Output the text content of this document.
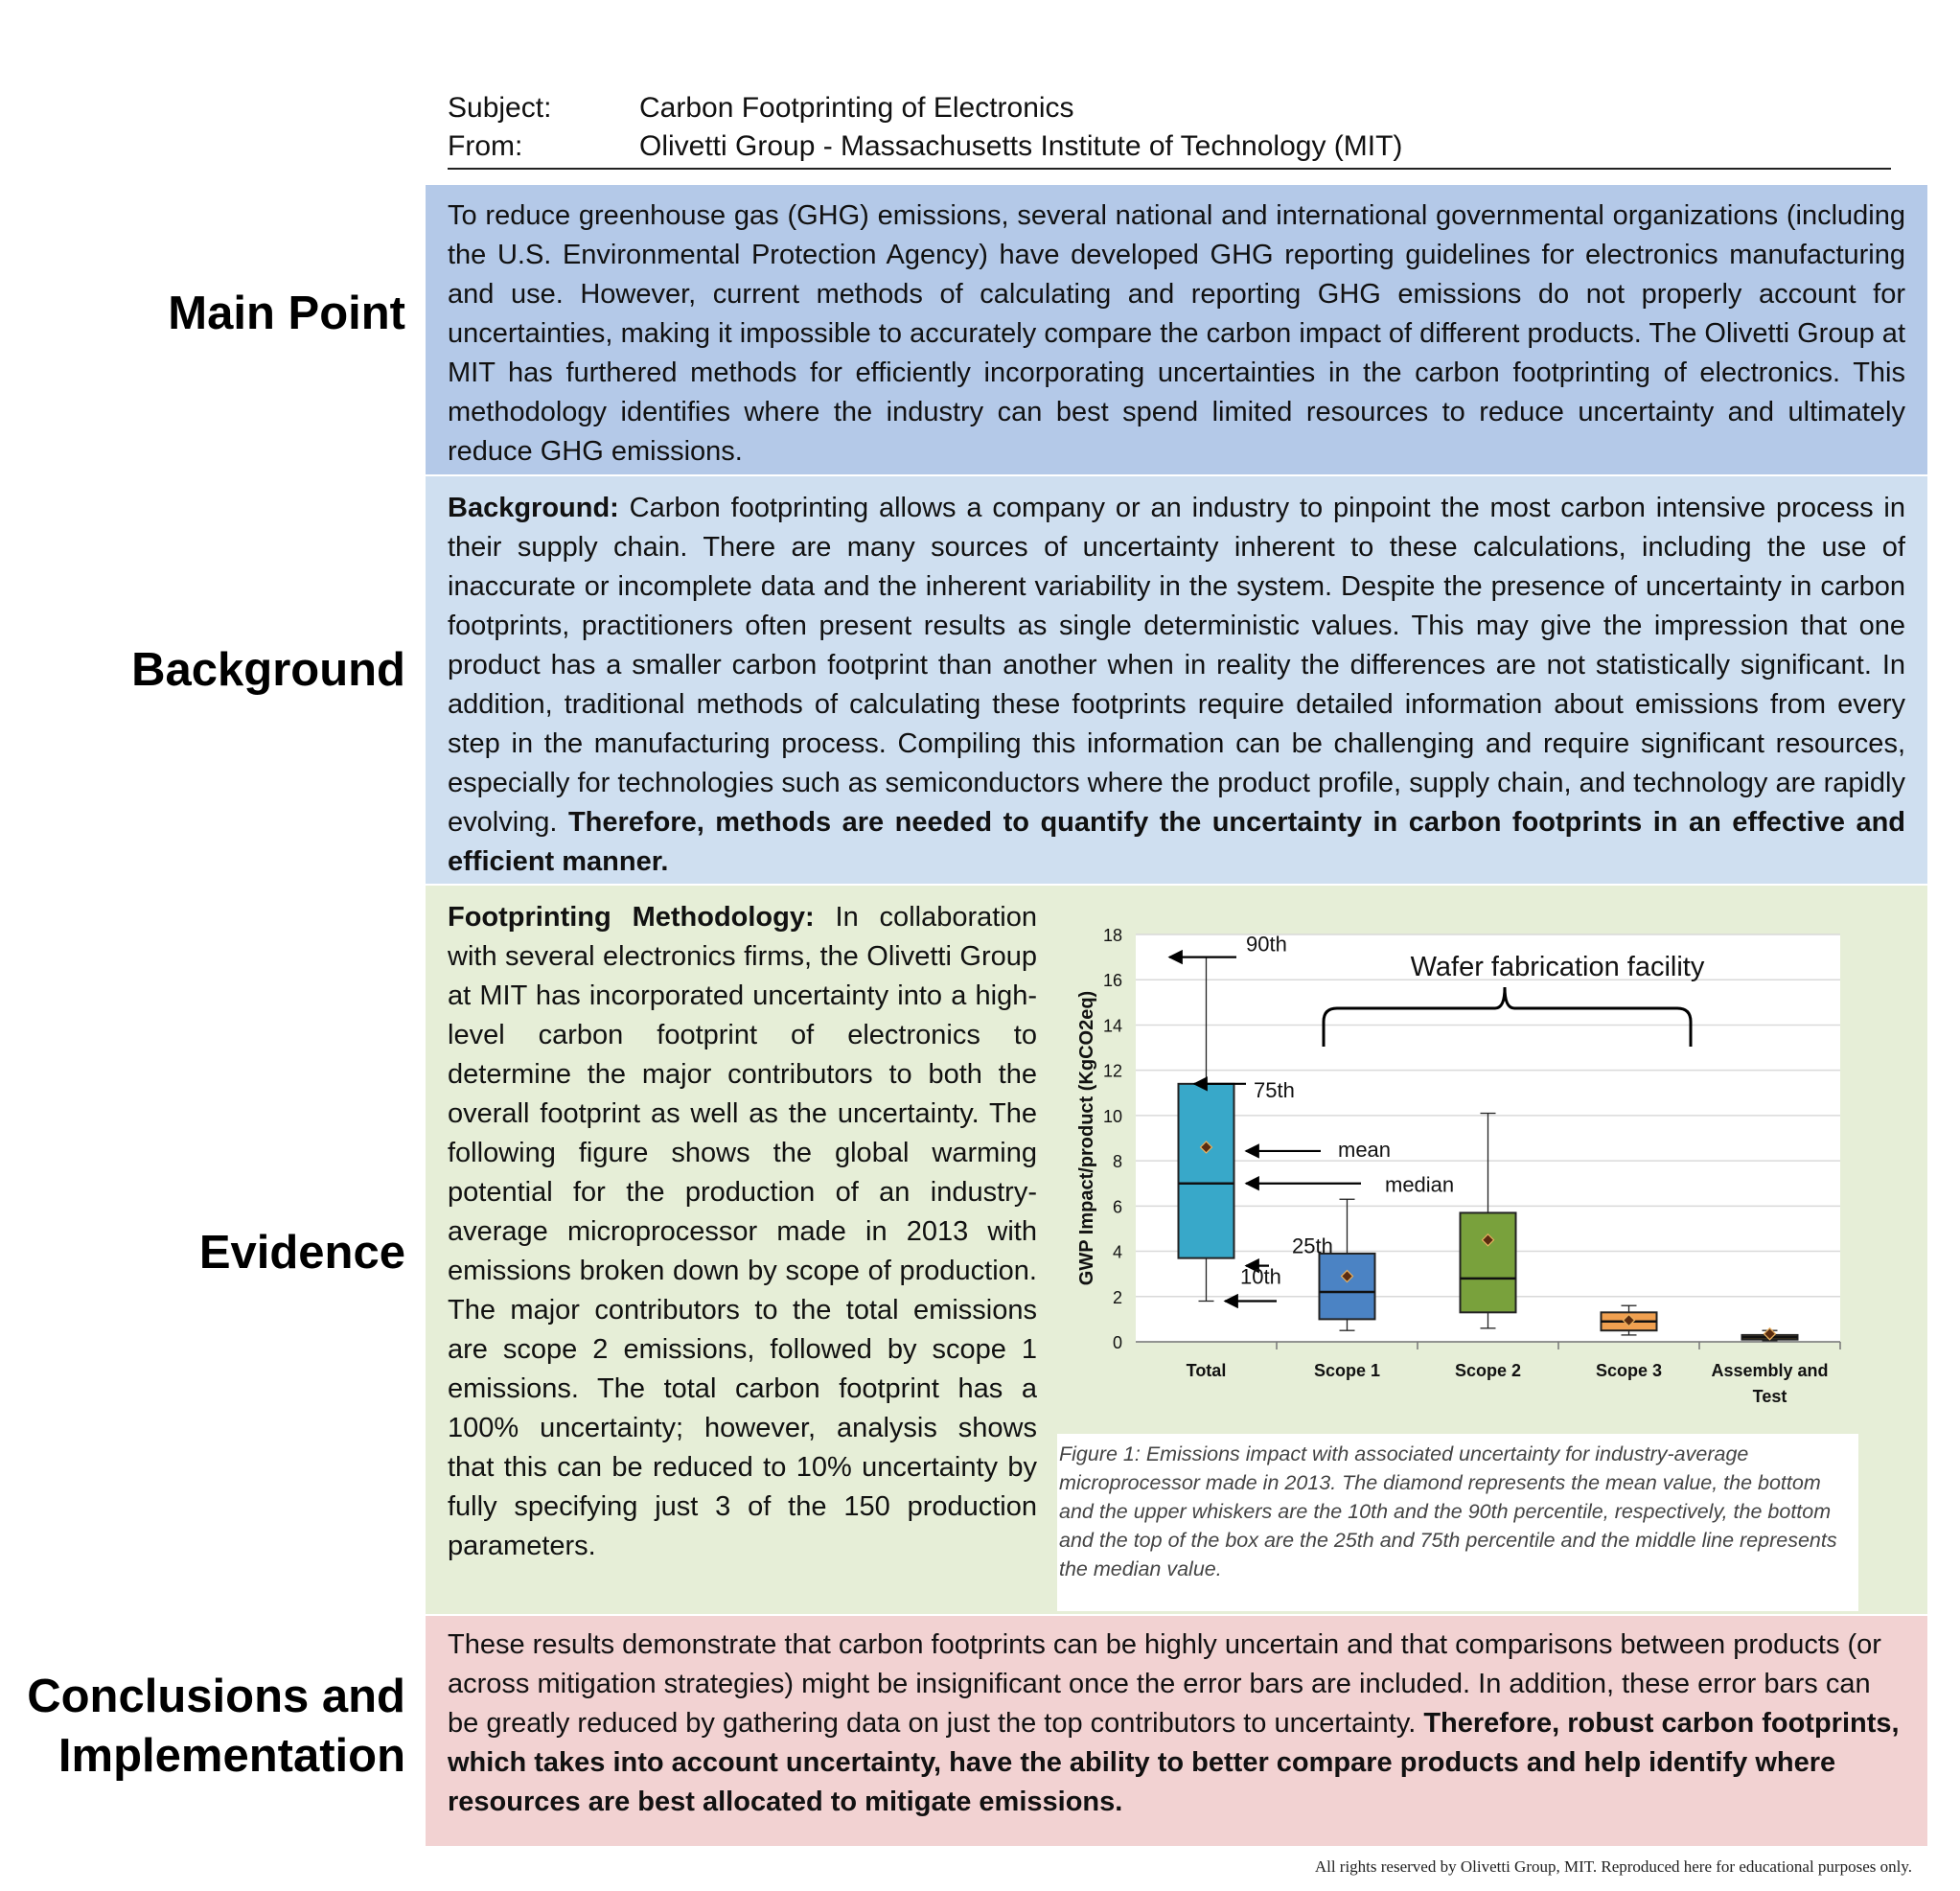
Subject:	Carbon Footprinting of Electronics
From:	Olivetti Group - Massachusetts Institute of Technology (MIT)
Main Point
Background
Evidence
Conclusions and
Implementation

To reduce greenhouse gas (GHG) emissions, several national and international governmental organizations (including the U.S. Environmental Protection Agency) have developed GHG reporting guidelines for electronics manufacturing and use. However, current methods of calculating and reporting GHG emissions do not properly account for uncertainties, making it impossible to accurately compare the carbon impact of different products. The Olivetti Group at MIT has furthered methods for efficiently incorporating uncertainties in the carbon footprinting of electronics. This methodology identifies where the industry can best spend limited resources to reduce uncertainty and ultimately reduce GHG emissions.

Background: Carbon footprinting allows a company or an industry to pinpoint the most carbon intensive process in their supply chain. There are many sources of uncertainty inherent to these calculations, including the use of inaccurate or incomplete data and the inherent variability in the system. Despite the presence of uncertainty in carbon footprints, practitioners often present results as single deterministic values. This may give the impression that one product has a smaller carbon footprint than another when in reality the differences are not statistically significant. In addition, traditional methods of calculating these footprints require detailed information about emissions from every step in the manufacturing process. Compiling this information can be challenging and require significant resources, especially for technologies such as semiconductors where the product profile, supply chain, and technology are rapidly evolving. Therefore, methods are needed to quantify the uncertainty in carbon footprints in an effective and efficient manner.

Footprinting Methodology: In collaboration with several electronics firms, the Olivetti Group at MIT has incorporated uncertainty into a high-level carbon footprint of electronics to determine the major contributors to both the overall footprint as well as the uncertainty. The following figure shows the global warming potential for the production of an industry-average microprocessor made in 2013 with emissions broken down by scope of production. The major contributors to the total emissions are scope 2 emissions, followed by scope 1 emissions. The total carbon footprint has a 100% uncertainty; however, analysis shows that this can be reduced to 10% uncertainty by fully specifying just 3 of the 150 production parameters.

0
2
4
6
8
10
12
14
16
18
GWP Impact/product (KgCO2eq)
Total	Scope 1	Scope 2	Scope 3	Assembly and
Test
90th
75th
mean
median
25th
10th
Wafer fabrication facility
Figure 1: Emissions impact with associated uncertainty for industry-average microprocessor made in 2013. The diamond represents the mean value, the bottom and the upper whiskers are the 10th and the 90th percentile, respectively, the bottom and the top of the box are the 25th and 75th percentile and the middle line represents the median value.

These results demonstrate that carbon footprints can be highly uncertain and that comparisons between products (or across mitigation strategies) might be insignificant once the error bars are included. In addition, these error bars can be greatly reduced by gathering data on just the top contributors to uncertainty. Therefore, robust carbon footprints, which takes into account uncertainty, have the ability to better compare products and help identify where resources are best allocated to mitigate emissions.

All rights reserved by Olivetti Group, MIT. Reproduced here for educational purposes only.
